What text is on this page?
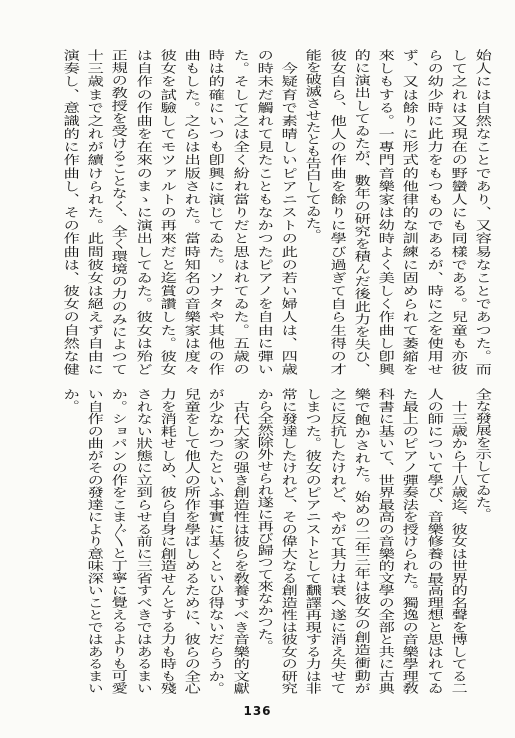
始人には自然なことであり、又容易なことであつた。而
して之れは又現在の野蠻人にも同樣である。兒童も亦彼
らの幼少時に此力をもつものであるが、時に之を使用せ
ず、又は餘りに形式的他律的な訓練に固められて萎縮を
來しもする。一專門音樂家は幼時よく美しく作曲し卽興
的に演出してゐたが、數年の研究を積んだ後此力を失ひ、
彼女自ら、他人の作曲を餘りに學び過ぎて自ら生得の才
能を破滅させたとも告白してゐた。
　今疑育で素晴しいピアニストの此の若い婦人は、四歳
の時未だ觸れて見たこともなかつたピアノを自由に彈い
た。そして之は全く紛れ當りだと思はれてゐた。五歳の
時は的確にいつも卽興に演じてゐた。ソナタや其他の作
曲もした。之らは出版された。當時知名の音樂家は度々
彼女を試驗してモツァルトの再來だと迄賞讚した。彼女
は自作の作曲を在來のまゝに演出してゐた。彼女は殆ど
正規の敎授を受けることなく、全く環境の力のみによつて
十三歳まで之れが續けられた。此間彼女は絕えず自由に
演奏し、意識的に作曲し、その作曲は、彼女の自然な健
全な發展を示してゐた。
　十三歳から十八歳迄、彼女は世界的名聲を博してる二
人の師について學び、音樂修養の最高理想と思はれてゐ
た最上のピアノ彈奏法を授けられた。獨逸の音樂學理敎
科書に基いて、世界最高の音樂的文學の全部と共に古典
樂で飽かされた。始めの二年三年は彼女の創造衝動が
之に反抗したけれど、やがて其力は衰へ遂に消え失せて
しまつた。彼女のピアニストとして飜譯再現する力は非
常に發達したけれど、その偉大なる創造性は彼女の研究
から全然除外せられ遂に再び歸つて來なかつた。
　古代大家の强き創造性は彼らを敎養すべき音樂的文獻
が少なかつたといふ事實に基くといひ得ないだらうか。
兒童をして他人の所作を學ばしめるために、彼らの全心
力を消耗せしめ、彼ら自身に創造せんとする力も時も殘
されない狀態に立到らせる前に三省すべきではあるまい
か。ショパンの作をこま〴〵と丁寧に覺えるよりも可愛
い自作の曲がその發達により意味深いことではあるまい
か。
136
